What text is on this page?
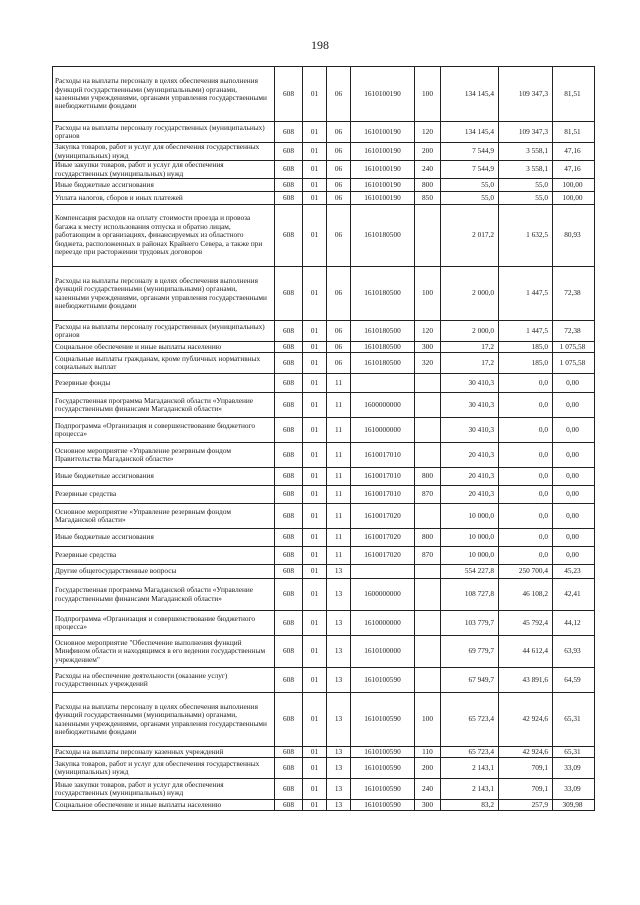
198
Расходы на выплаты персоналу в целях обеспечения выполнения функций государственными (муниципальными) органами, казенными учреждениями, органами управления государственными внебюджетными фондами	608	01	06	1610100190	100	134 145,4	109 347,3	81,51
Расходы на выплаты персоналу государственных (муниципальных) органов	608	01	06	1610100190	120	134 145,4	109 347,3	81,51
Закупка товаров, работ и услуг для обеспечения государственных (муниципальных) нужд	608	01	06	1610100190	200	7 544,9	3 558,1	47,16
Иные закупки товаров, работ и услуг для обеспечения государственных (муниципальных) нужд	608	01	06	1610100190	240	7 544,9	3 558,1	47,16
Иные бюджетные ассигнования	608	01	06	1610100190	800	55,0	55,0	100,00
Уплата налогов, сборов и иных платежей	608	01	06	1610100190	850	55,0	55,0	100,00
Компенсация расходов на оплату стоимости проезда и провоза багажа к месту использования отпуска и обратно лицам, работающим в организациях, финансируемых из областного бюджета, расположенных в районах Крайнего Севера, а также при переезде при расторжении трудовых договоров	608	01	06	1610180500		2 017,2	1 632,5	80,93
Расходы на выплаты персоналу в целях обеспечения выполнения функций государственными (муниципальными) органами, казенными учреждениями, органами управления государственными внебюджетными фондами	608	01	06	1610180500	100	2 000,0	1 447,5	72,38
Расходы на выплаты персоналу государственных (муниципальных) органов	608	01	06	1610180500	120	2 000,0	1 447,5	72,38
Социальное обеспечение и иные выплаты населению	608	01	06	1610180500	300	17,2	185,0	1 075,58
Социальные выплаты гражданам, кроме публичных нормативных социальных выплат	608	01	06	1610180500	320	17,2	185,0	1 075,58
Резервные фонды	608	01	11			30 410,3	0,0	0,00
Государственная программа Магаданской области «Управление государственными финансами Магаданской области»	608	01	11	1600000000		30 410,3	0,0	0,00
Подпрограмма «Организация и совершенствование бюджетного процесса»	608	01	11	1610000000		30 410,3	0,0	0,00
Основное мероприятие «Управление резервным фондом Правительства Магаданской области»	608	01	11	1610017010		20 410,3	0,0	0,00
Иные бюджетные ассигнования	608	01	11	1610017010	800	20 410,3	0,0	0,00
Резервные средства	608	01	11	1610017010	870	20 410,3	0,0	0,00
Основное мероприятие «Управление резервным фондом Магаданской области»	608	01	11	1610017020		10 000,0	0,0	0,00
Иные бюджетные ассигнования	608	01	11	1610017020	800	10 000,0	0,0	0,00
Резервные средства	608	01	11	1610017020	870	10 000,0	0,0	0,00
Другие общегосударственные вопросы	608	01	13			554 227,8	250 700,4	45,23
Государственная программа Магаданской области «Управление государственными финансами Магаданской области»	608	01	13	1600000000		108 727,8	46 108,2	42,41
Подпрограмма «Организация и совершенствование бюджетного процесса»	608	01	13	1610000000		103 779,7	45 792,4	44,12
Основное мероприятие "Обеспечение выполнения функций Минфином области и находящимся в его ведении государственным учреждением"	608	01	13	1610100000		69 779,7	44 612,4	63,93
Расходы на обеспечение деятельности (оказание услуг) государственных учреждений	608	01	13	1610100590		67 949,7	43 891,6	64,59
Расходы на выплаты персоналу в целях обеспечения выполнения функций государственными (муниципальными) органами, казенными учреждениями, органами управления государственными внебюджетными фондами	608	01	13	1610100590	100	65 723,4	42 924,6	65,31
Расходы на выплаты персоналу казенных учреждений	608	01	13	1610100590	110	65 723,4	42 924,6	65,31
Закупка товаров, работ и услуг для обеспечения государственных (муниципальных) нужд	608	01	13	1610100590	200	2 143,1	709,1	33,09
Иные закупки товаров, работ и услуг для обеспечения государственных (муниципальных) нужд	608	01	13	1610100590	240	2 143,1	709,1	33,09
Социальное обеспечение и иные выплаты населению	608	01	13	1610100590	300	83,2	257,9	309,98
